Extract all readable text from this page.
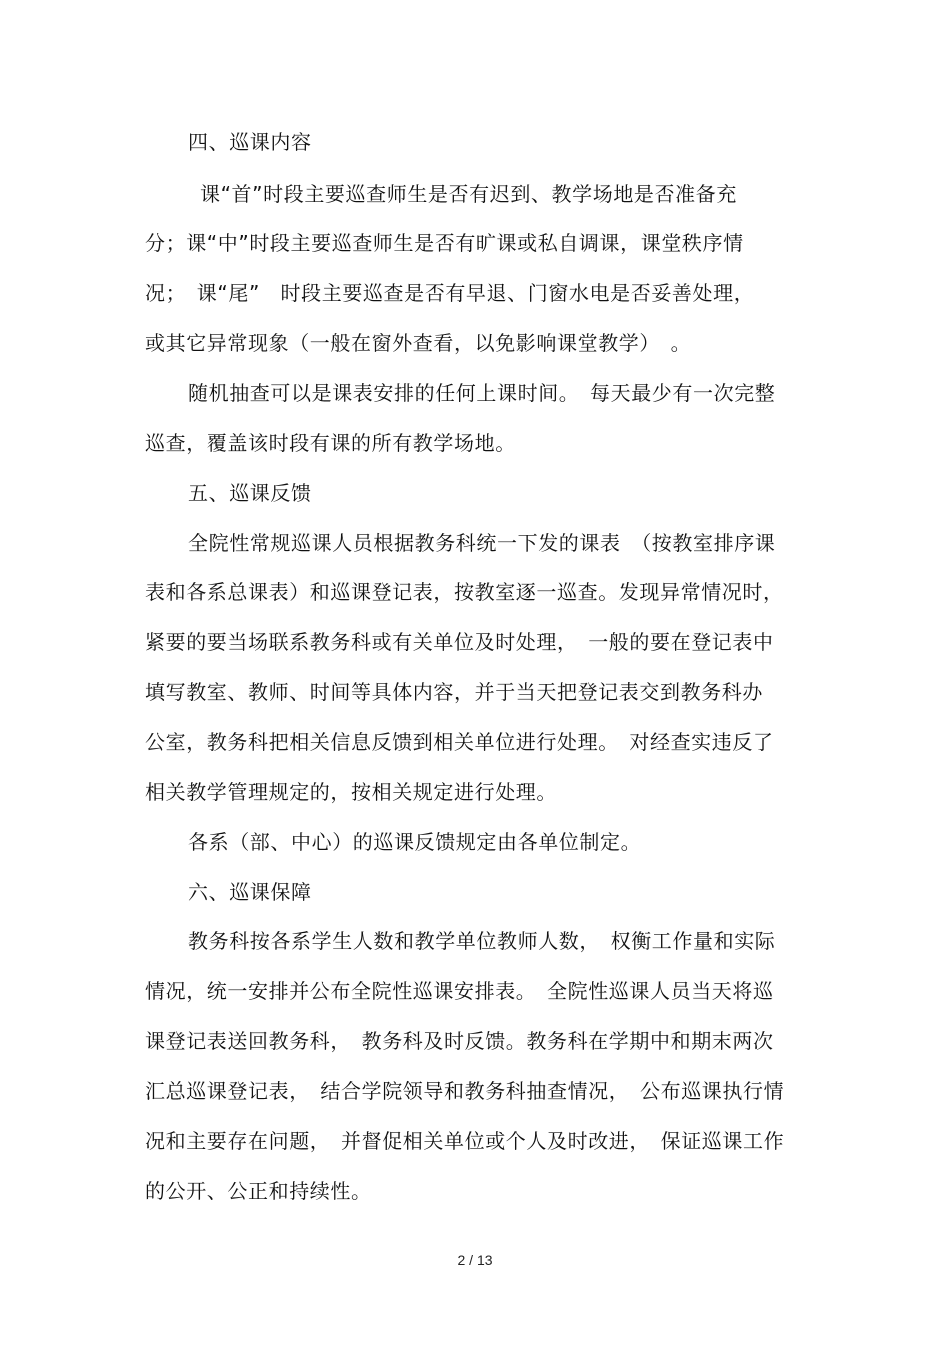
四、巡课内容
课“首”时段主要巡查师生是否有迟到、教学场地是否准备充
分；课“中”时段主要巡查师生是否有旷课或私自调课，课堂秩序情
况；　课“尾”　时段主要巡查是否有早退、门窗水电是否妥善处理，
或其它异常现象（一般在窗外查看，以免影响课堂教学）　。
随机抽查可以是课表安排的任何上课时间。　每天最少有一次完整
巡查，覆盖该时段有课的所有教学场地。
五、巡课反馈
全院性常规巡课人员根据教务科统一下发的课表　（按教室排序课
表和各系总课表）和巡课登记表，按教室逐一巡查。发现异常情况时，
紧要的要当场联系教务科或有关单位及时处理，　一般的要在登记表中
填写教室、教师、时间等具体内容，并于当天把登记表交到教务科办
公室，教务科把相关信息反馈到相关单位进行处理。　对经查实违反了
相关教学管理规定的，按相关规定进行处理。
各系（部、中心）的巡课反馈规定由各单位制定。
六、巡课保障
教务科按各系学生人数和教学单位教师人数，　权衡工作量和实际
情况，统一安排并公布全院性巡课安排表。　全院性巡课人员当天将巡
课登记表送回教务科，　教务科及时反馈。教务科在学期中和期末两次
汇总巡课登记表，　结合学院领导和教务科抽查情况，　公布巡课执行情
况和主要存在问题，　并督促相关单位或个人及时改进，　保证巡课工作
的公开、公正和持续性。
2 / 13
